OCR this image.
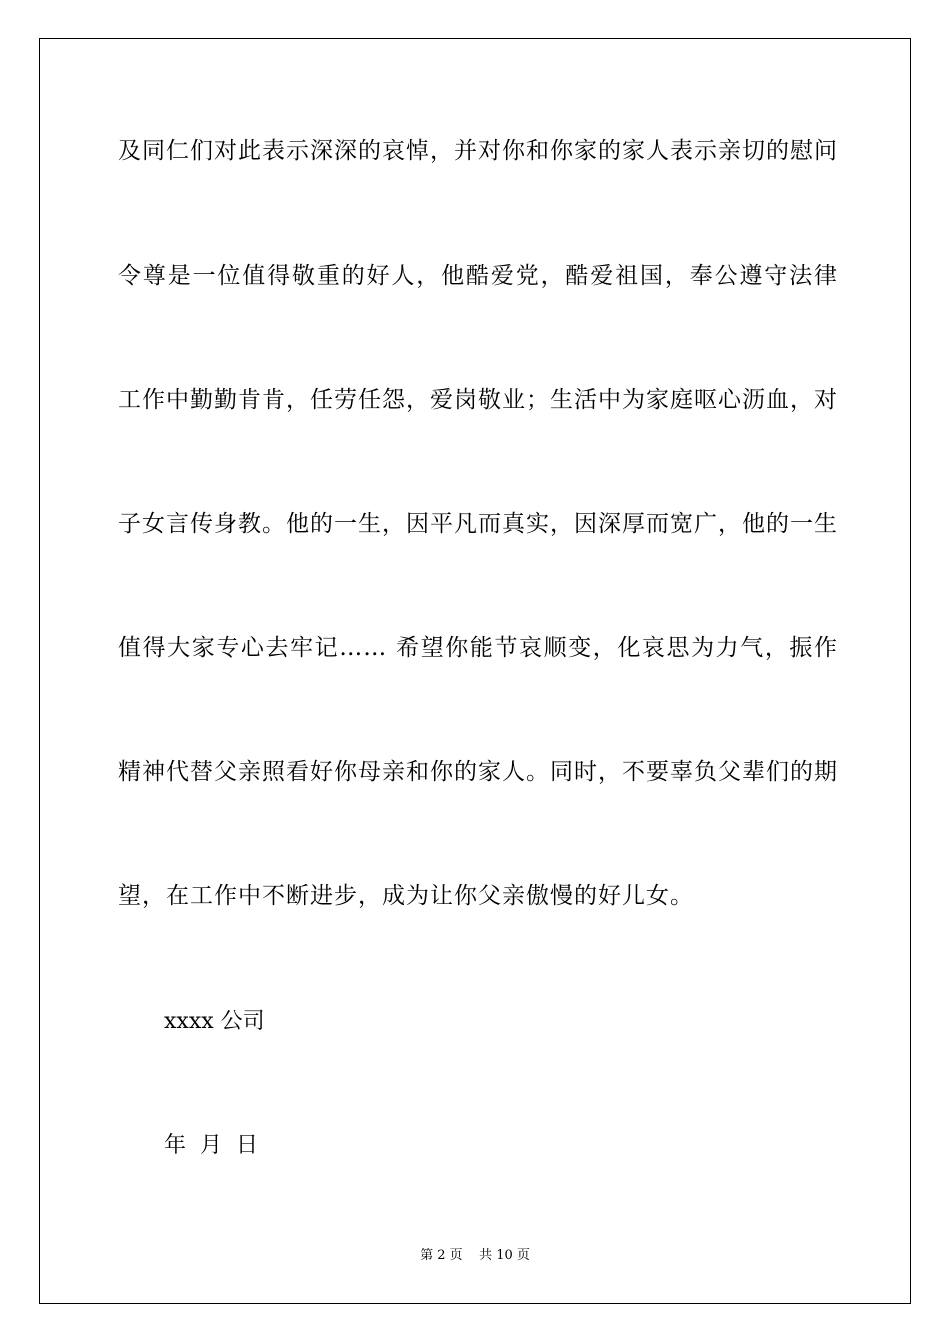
及同仁们对此表示深深的哀悼，并对你和你家的家人表示亲切的慰问
令尊是一位值得敬重的好人，他酷爱党，酷爱祖国，奉公遵守法律
工作中勤勤肯肯，任劳任怨，爱岗敬业；生活中为家庭呕心沥血，对
子女言传身教。他的一生，因平凡而真实，因深厚而宽广，他的一生
值得大家专心去牢记…… 希望你能节哀顺变，化哀思为力气，振作
精神代替父亲照看好你母亲和你的家人。同时，不要辜负父辈们的期
望，在工作中不断进步，成为让你父亲傲慢的好儿女。
xxxx 公司
年  月  日
第 2 页    共 10 页
